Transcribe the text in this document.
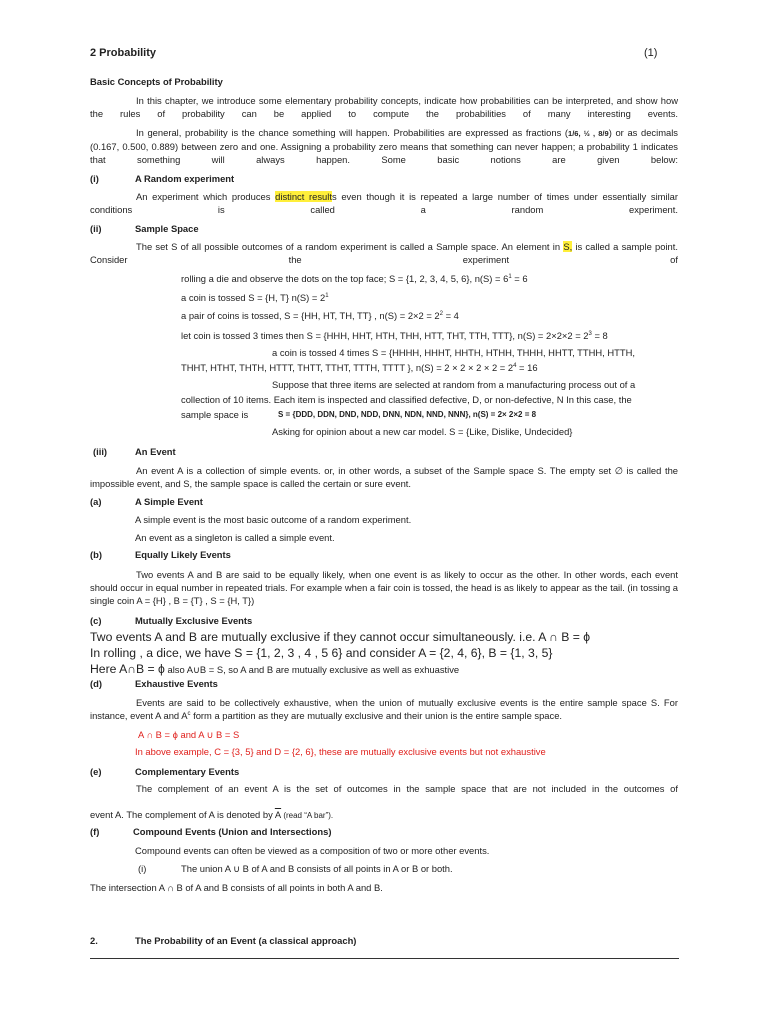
2 Probability	(1)
Basic Concepts of Probability
In this chapter, we introduce some elementary probability concepts, indicate how probabilities can be interpreted, and show how the rules of probability can be applied to compute the probabilities of many interesting events.
In general, probability is the chance something will happen. Probabilities are expressed as fractions (1/6, ½ , 8/9) or as decimals (0.167, 0.500, 0.889) between zero and one. Assigning a probability zero means that something can never happen; a probability 1 indicates that something will always happen. Some basic notions are given below:
(i)	A Random experiment
An experiment which produces distinct results even though it is repeated a large number of times under essentially similar conditions is called a random experiment.
(ii)	Sample Space
The set S of all possible outcomes of a random experiment is called a Sample space. An element in S, is called a sample point. Consider the experiment of
rolling a die and observe the dots on the top face; S = {1, 2, 3, 4, 5, 6}, $n(S) = 6^1 = 6$
a coin is tossed S = {H, T} $n(S) = 2^1$
a pair of coins is tossed, S = {HH, HT, TH, TT} , $n(S) = 2\times 2 = 2^2 = 4$
let coin is tossed 3 times then S = {HHH, HHT, HTH, THH, HTT, THT, TTH, TTT}, $n(S) = 2\times 2\times 2 = 2^3 = 8$
a coin is tossed 4 times S = {HHHH, HHHT, HHTH, HTHH, THHH, HHTT, TTHH, HTTH,
THHT, HTHT, THTH, HTTT, THTT, TTHT, TTTH, TTTT }, $n(S) = 2 \times 2 \times 2 \times 2 = 2^4 = 16$
Suppose that three items are selected at random from a manufacturing process out of a
collection of 10 items. Each item is inspected and classified defective, D, or non-defective, N In this case, the
sample space is	S = {DDD, DDN, DND, NDD, DNN, NDN, NND, NNN}, n(S) = 2× 2×2 = 8
Asking for opinion about a new car model. S = {Like, Dislike, Undecided}
(iii)	An Event
An event A is a collection of simple events. or, in other words, a subset of the Sample space S. The empty set ∅ is called the impossible event, and S, the sample space is called the certain or sure event.
(a)	A Simple Event
A simple event is the most basic outcome of a random experiment.
An event as a singleton is called a simple event.
(b)	Equally Likely Events
Two events A and B are said to be equally likely, when one event is as likely to occur as the other. In other words, each event should occur in equal number in repeated trials. For example when a fair coin is tossed, the head is as likely to appear as the tail. (in tossing a single coin A = {H} , B = {T} , S = {H, T})
(c)	Mutually Exclusive Events
Two events A and B are mutually exclusive if they cannot occur simultaneously. i.e. A ∩ B = ϕ
In rolling , a dice, we have S = {1, 2, 3 , 4 , 5 6} and consider A = {2, 4, 6}, B = {1, 3, 5}
Here A∩B = ϕ also A∪B = S, so A and B are mutually exclusive as well as exhuastive
(d)	Exhaustive Events
Events are said to be collectively exhaustive, when the union of mutually exclusive events is the entire sample space S. For instance, event A and $A^c$ form a partition as they are mutually exclusive and their union is the entire sample space.
A ∩ B = ϕ and A ∪ B = S
In above example, C = {3, 5} and D = {2, 6}, these are mutually exclusive events but not exhaustive
(e)	Complementary Events
The complement of an event A is the set of outcomes in the sample space that are not included in the outcomes of
event A. The complement of A is denoted by $\overline{A}$ (read “A bar”).
(f)	Compound Events (Union and Intersections)
Compound events can often be viewed as a composition of two or more other events.
(i)	The union A ∪ B of A and B consists of all points in A or B or both.
The intersection A ∩ B of A and B consists of all points in both A and B.
2.	The Probability of an Event (a classical approach)
